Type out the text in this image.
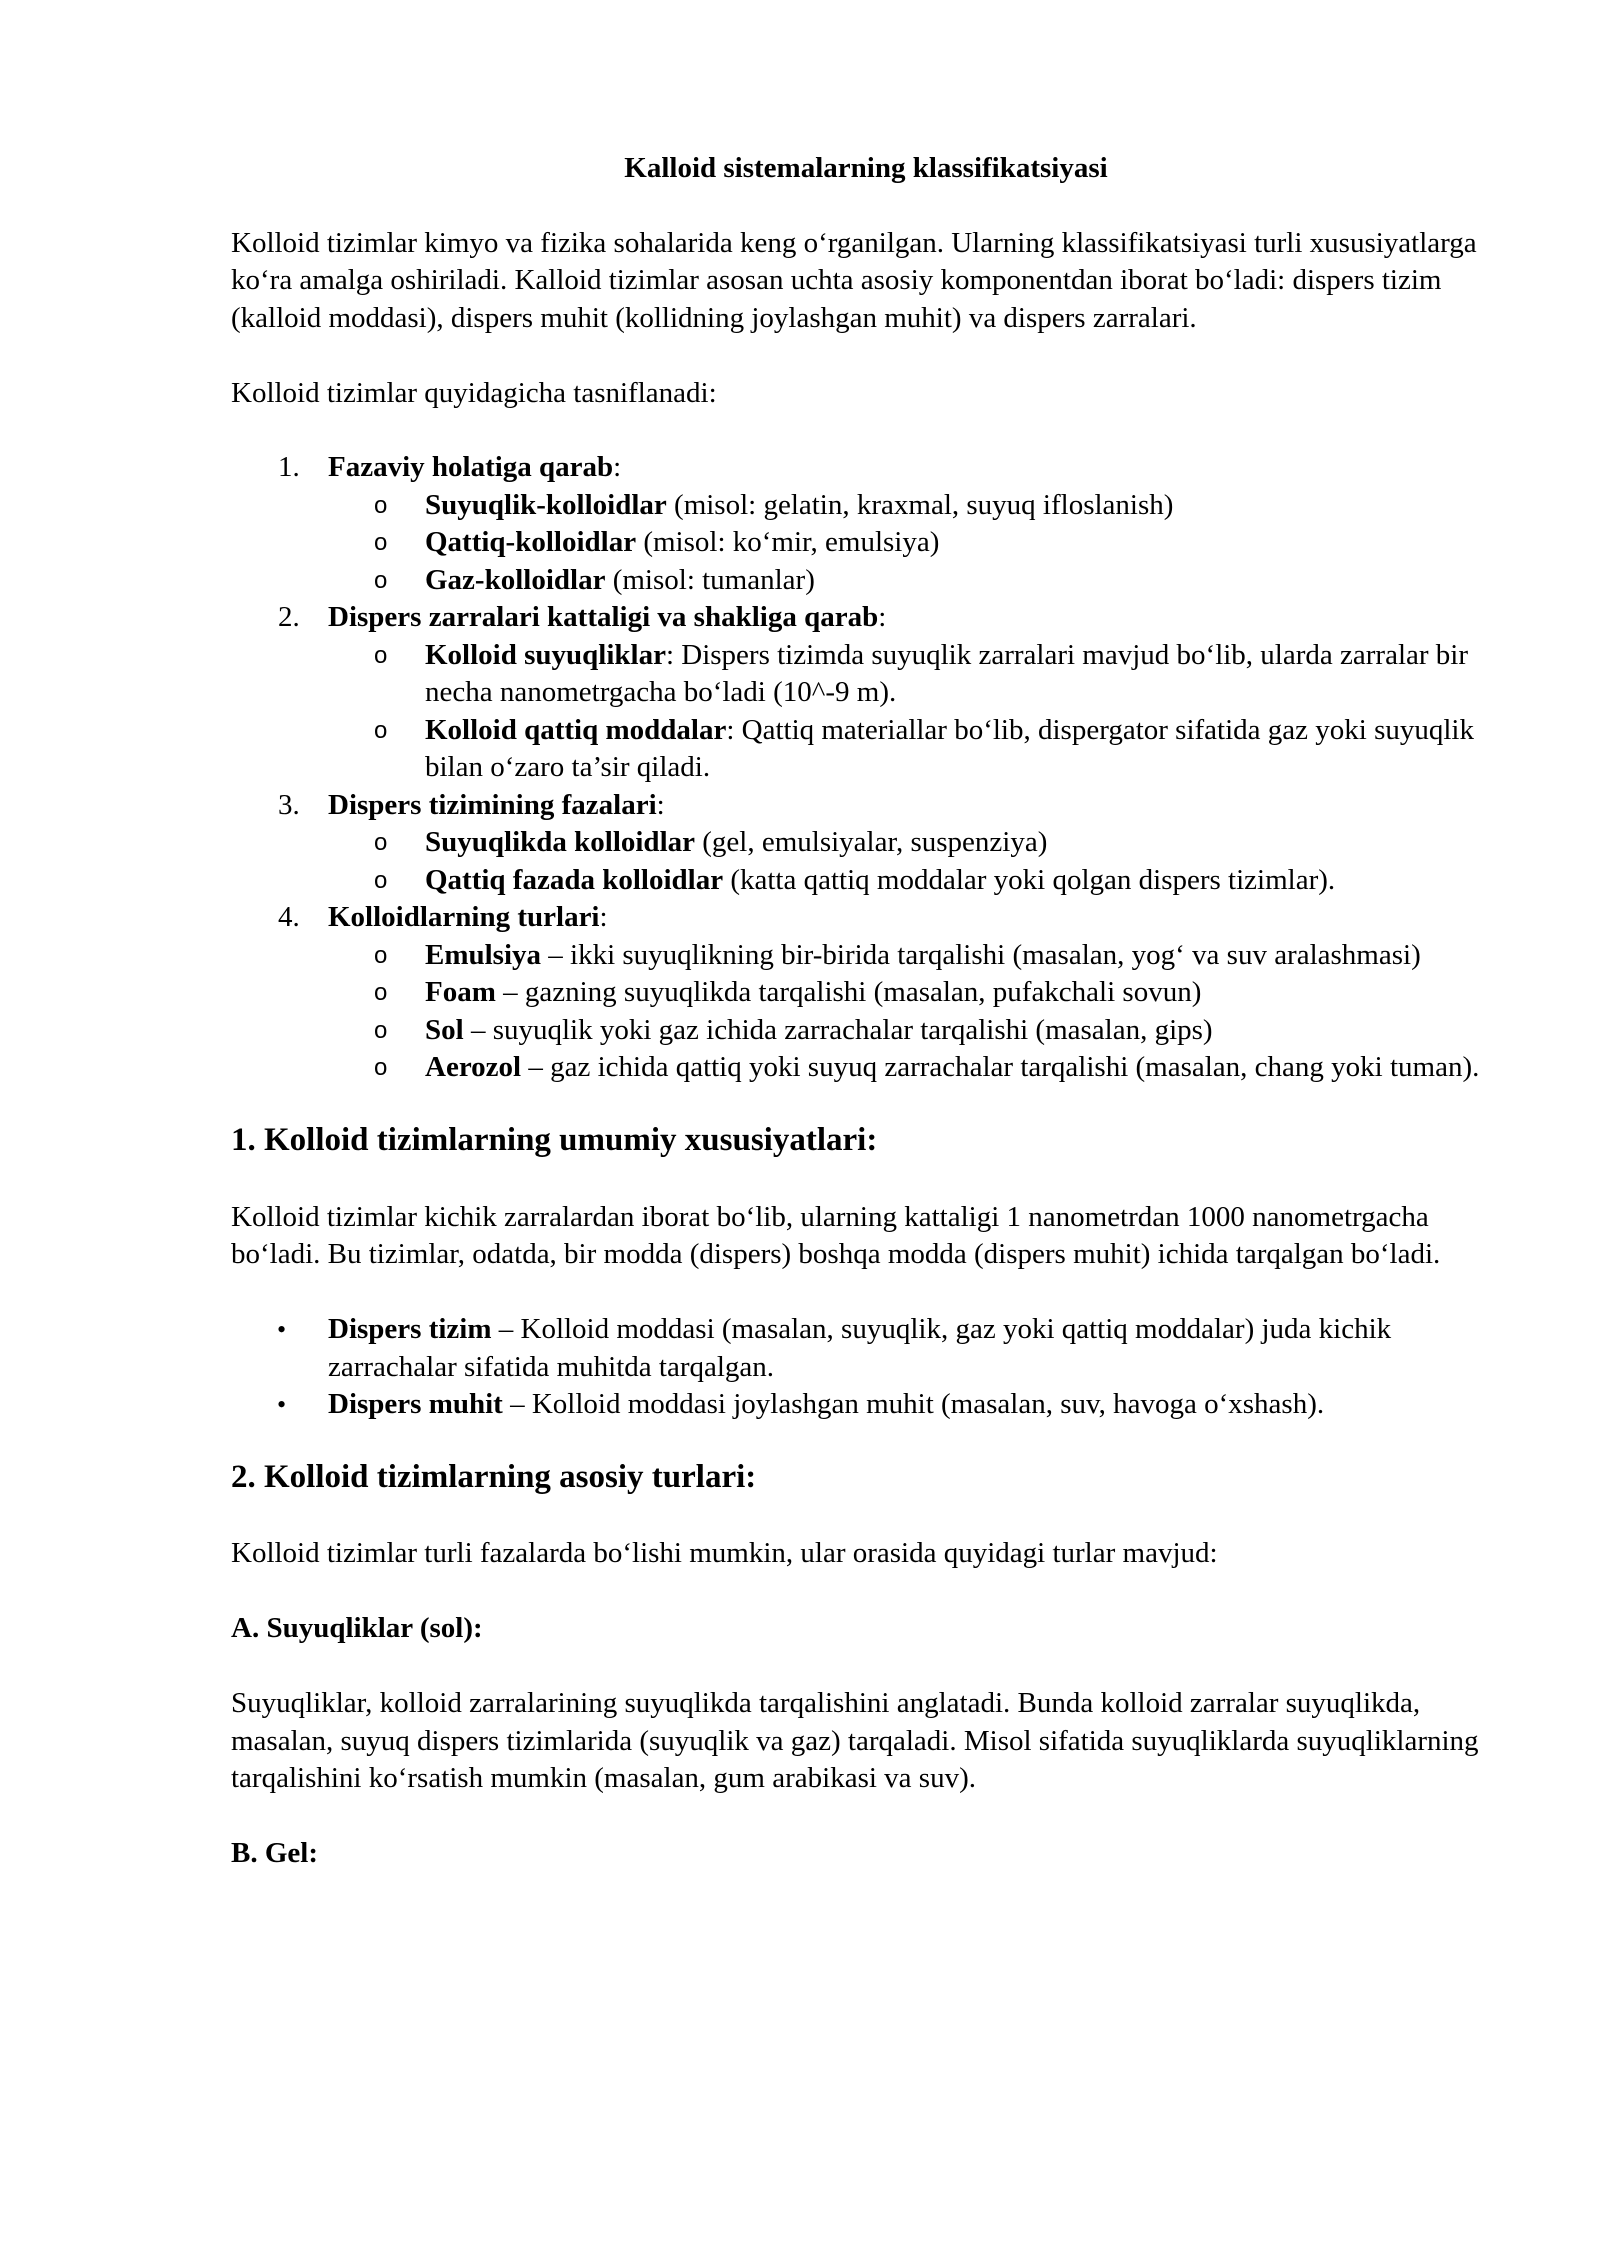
Kalloid sistemalarning klassifikatsiyasi

Kolloid tizimlar kimyo va fizika sohalarida keng o‘rganilgan. Ularning klassifikatsiyasi turli xususiyatlarga ko‘ra amalga oshiriladi. Kalloid tizimlar asosan uchta asosiy komponentdan iborat bo‘ladi: dispers tizim (kalloid moddasi), dispers muhit (kollidning joylashgan muhit) va dispers zarralari.

Kolloid tizimlar quyidagicha tasniflanadi:

1. Fazaviy holatiga qarab:
o Suyuqlik-kolloidlar (misol: gelatin, kraxmal, suyuq ifloslanish)
o Qattiq-kolloidlar (misol: ko‘mir, emulsiya)
o Gaz-kolloidlar (misol: tumanlar)
2. Dispers zarralari kattaligi va shakliga qarab:
o Kolloid suyuqliklar: Dispers tizimda suyuqlik zarralari mavjud bo‘lib, ularda zarralar bir necha nanometrgacha bo‘ladi (10^-9 m).
o Kolloid qattiq moddalar: Qattiq materiallar bo‘lib, dispergator sifatida gaz yoki suyuqlik bilan o‘zaro ta’sir qiladi.
3. Dispers tizimining fazalari:
o Suyuqlikda kolloidlar (gel, emulsiyalar, suspenziya)
o Qattiq fazada kolloidlar (katta qattiq moddalar yoki qolgan dispers tizimlar).
4. Kolloidlarning turlari:
o Emulsiya – ikki suyuqlikning bir-birida tarqalishi (masalan, yog‘ va suv aralashmasi)
o Foam – gazning suyuqlikda tarqalishi (masalan, pufakchali sovun)
o Sol – suyuqlik yoki gaz ichida zarrachalar tarqalishi (masalan, gips)
o Aerozol – gaz ichida qattiq yoki suyuq zarrachalar tarqalishi (masalan, chang yoki tuman).
1. Kolloid tizimlarning umumiy xususiyatlari:

Kolloid tizimlar kichik zarralardan iborat bo‘lib, ularning kattaligi 1 nanometrdan 1000 nanometrgacha bo‘ladi. Bu tizimlar, odatda, bir modda (dispers) boshqa modda (dispers muhit) ichida tarqalgan bo‘ladi.

• Dispers tizim – Kolloid moddasi (masalan, suyuqlik, gaz yoki qattiq moddalar) juda kichik zarrachalar sifatida muhitda tarqalgan.
• Dispers muhit – Kolloid moddasi joylashgan muhit (masalan, suv, havoga o‘xshash).
2. Kolloid tizimlarning asosiy turlari:

Kolloid tizimlar turli fazalarda bo‘lishi mumkin, ular orasida quyidagi turlar mavjud:

A. Suyuqliklar (sol):

Suyuqliklar, kolloid zarralarining suyuqlikda tarqalishini anglatadi. Bunda kolloid zarralar suyuqlikda, masalan, suyuq dispers tizimlarida (suyuqlik va gaz) tarqaladi. Misol sifatida suyuqliklarda suyuqliklarning tarqalishini ko‘rsatish mumkin (masalan, gum arabikasi va suv).

B. Gel:
